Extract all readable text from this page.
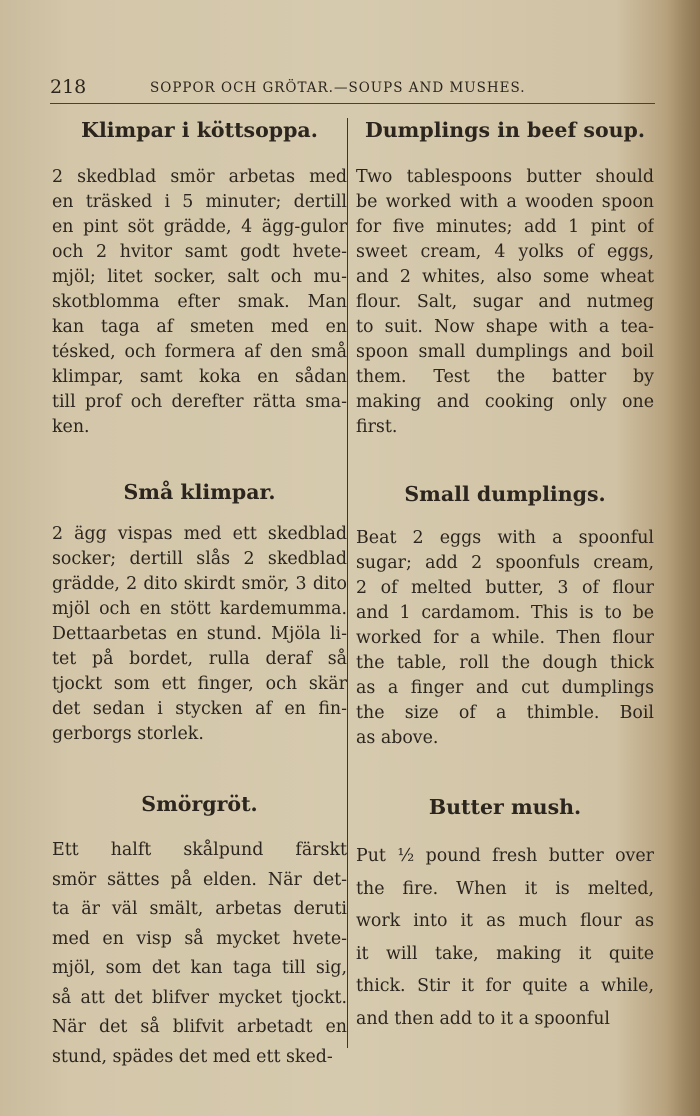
218	SOPPOR OCH GRÖTAR.—SOUPS AND MUSHES.
Klimpar i köttsoppa.
2 skedblad smör arbetas med
en träsked i 5 minuter; dertill
en pint söt grädde, 4 ägg-gulor
och 2 hvitor samt godt hvete-
mjöl; litet socker, salt och mu-
skotblomma efter smak. Man
kan taga af smeten med en
tésked, och formera af den små
klimpar, samt koka en sådan
till prof och derefter rätta sma-
ken.
Små klimpar.
2 ägg vispas med ett skedblad
socker; dertill slås 2 skedblad
grädde, 2 dito skirdt smör, 3 dito
mjöl och en stött kardemumma.
Dettaarbetas en stund. Mjöla li-
tet på bordet, rulla deraf så
tjockt som ett finger, och skär
det sedan i stycken af en fin-
gerborgs storlek.
Smörgröt.
Ett halft skålpund färskt
smör sättes på elden. När det-
ta är väl smält, arbetas deruti
med en visp så mycket hvete-
mjöl, som det kan taga till sig,
så att det blifver mycket tjockt.
När det så blifvit arbetadt en
stund, spädes det med ett sked-
Dumplings in beef soup.
Two tablespoons butter should
be worked with a wooden spoon
for five minutes; add 1 pint of
sweet cream, 4 yolks of eggs,
and 2 whites, also some wheat
flour. Salt, sugar and nutmeg
to suit. Now shape with a tea-
spoon small dumplings and boil
them. Test the batter by
making and cooking only one
first.
Small dumplings.
Beat 2 eggs with a spoonful
sugar; add 2 spoonfuls cream,
2 of melted butter, 3 of flour
and 1 cardamom. This is to be
worked for a while. Then flour
the table, roll the dough thick
as a finger and cut dumplings
the size of a thimble. Boil
as above.
Butter mush.
Put ½ pound fresh butter over
the fire. When it is melted,
work into it as much flour as
it will take, making it quite
thick. Stir it for quite a while,
and then add to it a spoonful
